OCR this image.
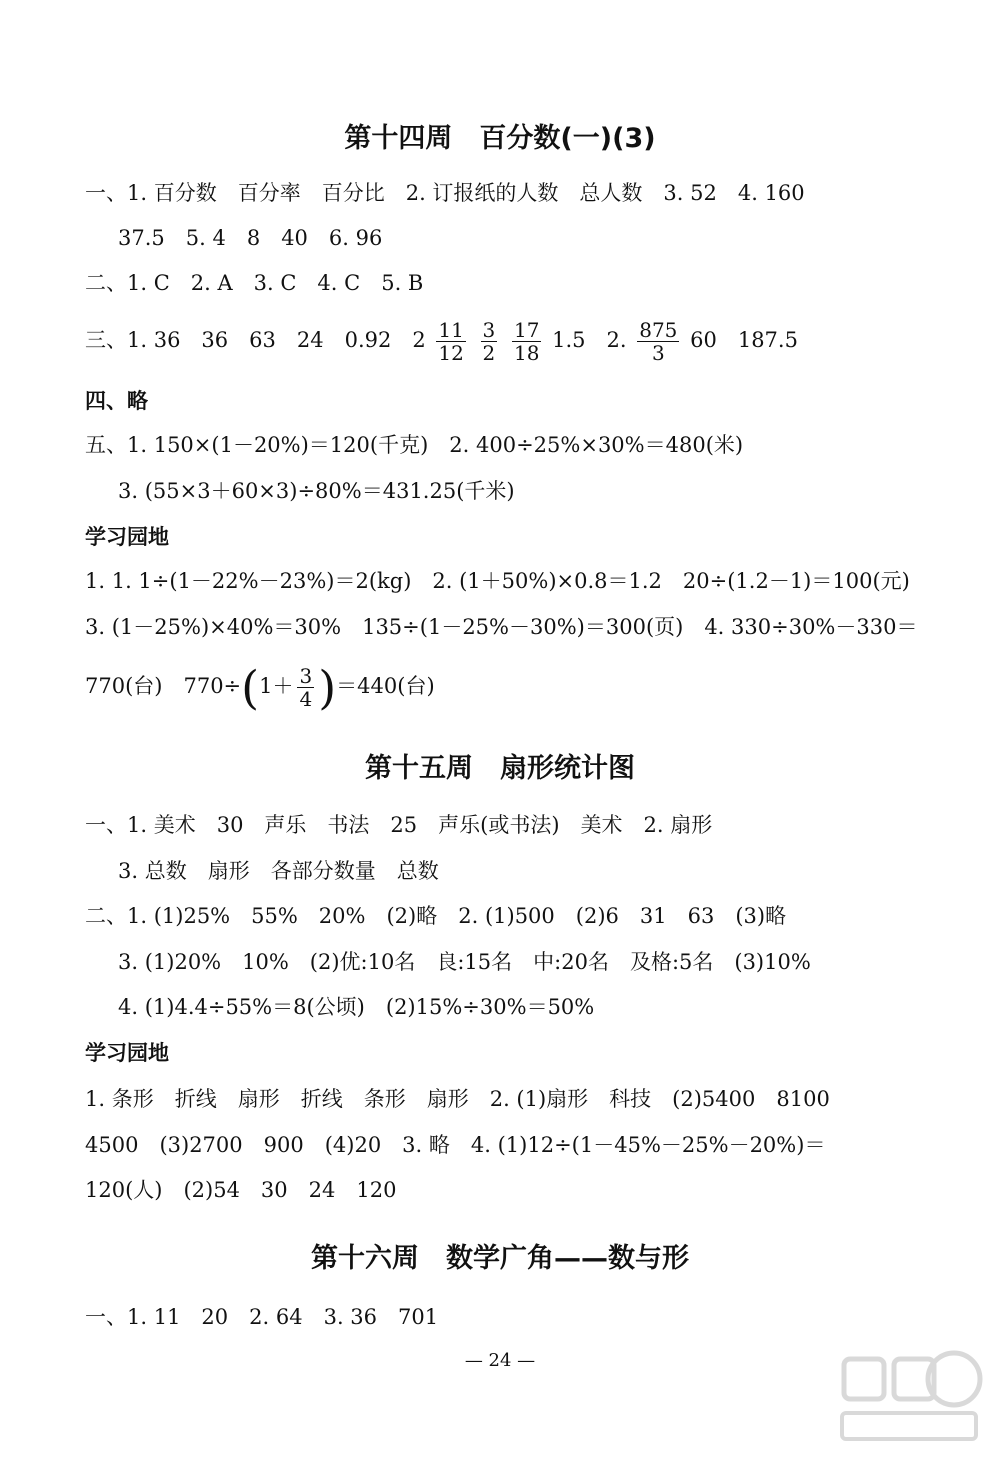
第十四周　百分数(一)(3)
一、1. 百分数　百分率　百分比　2. 订报纸的人数　总人数　3. 52　4. 160
37.5　5. 4　8　40　6. 96
二、1. C　2. A　3. C　4. C　5. B
三、1. 36　36　63　24　0.92　$2 \frac{11}{12}$
$\frac{3}{2}$
$\frac{17}{18} 1.5$　2. $\frac{875}{3} 60$　187.5
四、略
五、1. 150×(1－20%)＝120(千克)　2. 400÷25%×30%＝480(米)
3. (55×3＋60×3)÷80%＝431.25(千米)
学习园地
1. 1. 1÷(1－22%－23%)＝2(kg)　2. (1＋50%)×0.8＝1.2　20÷(1.2－1)＝100(元)
3. (1－25%)×40%＝30%　135÷(1－25%－30%)＝300(页)　4. 330÷30%－330＝
770(台)　$770\div(1+ \frac{3}{4} )=440$(台)
第十五周　扇形统计图
一、1. 美术　30　声乐　书法　25　声乐(或书法)　美术　2. 扇形
3. 总数　扇形　各部分数量　总数
二、1. (1)25%　55%　20%　(2)略　2. (1)500　(2)6　31　63　(3)略
3. (1)20%　10%　(2)优:10名　良:15名　中:20名　及格:5名　(3)10%
4. (1)4.4÷55%＝8(公顷)　(2)15%÷30%＝50%
学习园地
1. 条形　折线　扇形　折线　条形　扇形　2. (1)扇形　科技　(2)5400　8100
4500　(3)2700　900　(4)20　3. 略　4. (1)12÷(1－45%－25%－20%)＝
120(人)　(2)54　30　24　120
第十六周　数学广角——数与形
一、1. 11　20　2. 64　3. 36　701
— 24 —
